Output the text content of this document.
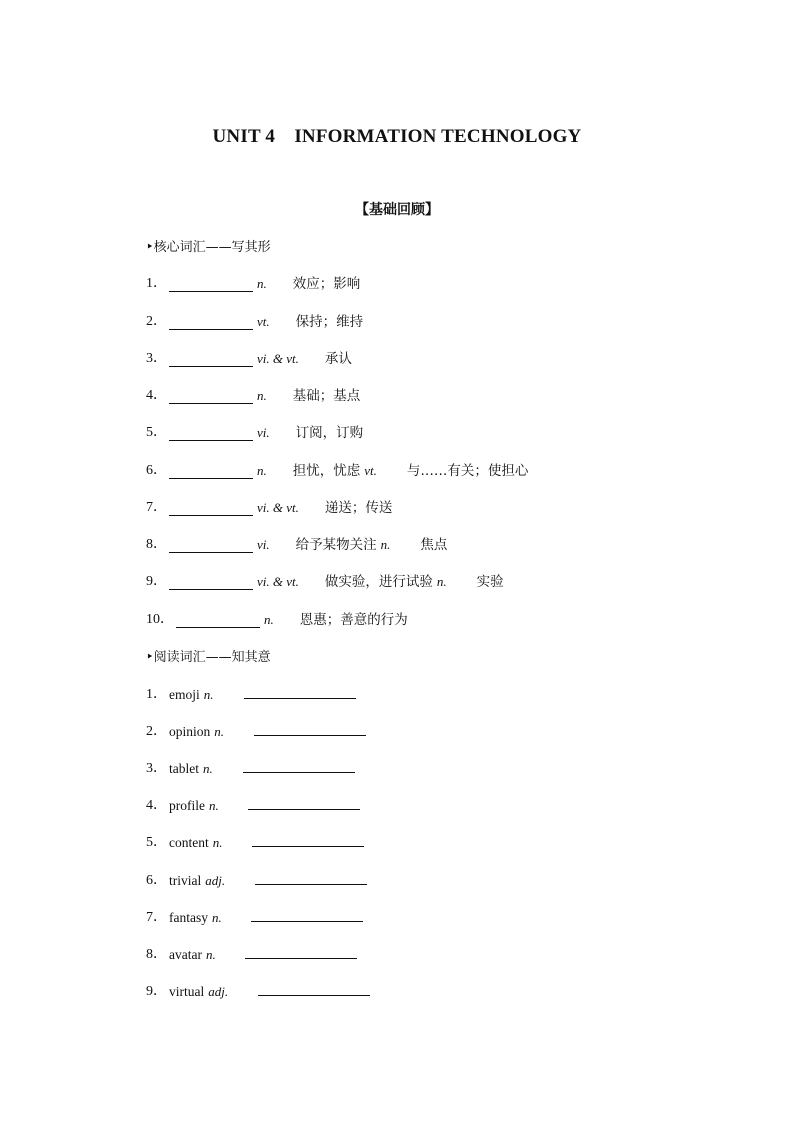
UNIT 4　INFORMATION TECHNOLOGY
【基础回顾】
‣核心词汇——写其形
1．	n. 效应；影响
2．	vt. 保持；维持
3．	vi. & vt. 承认
4．	n. 基础；基点
5．	vi. 订阅，订购
6．	n. 担忧，忧虑 vt. 与……有关；使担心
7．	vi. & vt. 递送；传送
8．	vi. 给予某物关注 n. 焦点
9．	vi. & vt. 做实验，进行试验 n. 实验
10．	n. 恩惠；善意的行为
‣阅读词汇——知其意
1． emoji n.
2． opinion n.
3． tablet n.
4． profile n.
5． content n.
6． trivial adj.
7． fantasy n.
8． avatar n.
9． virtual adj.
